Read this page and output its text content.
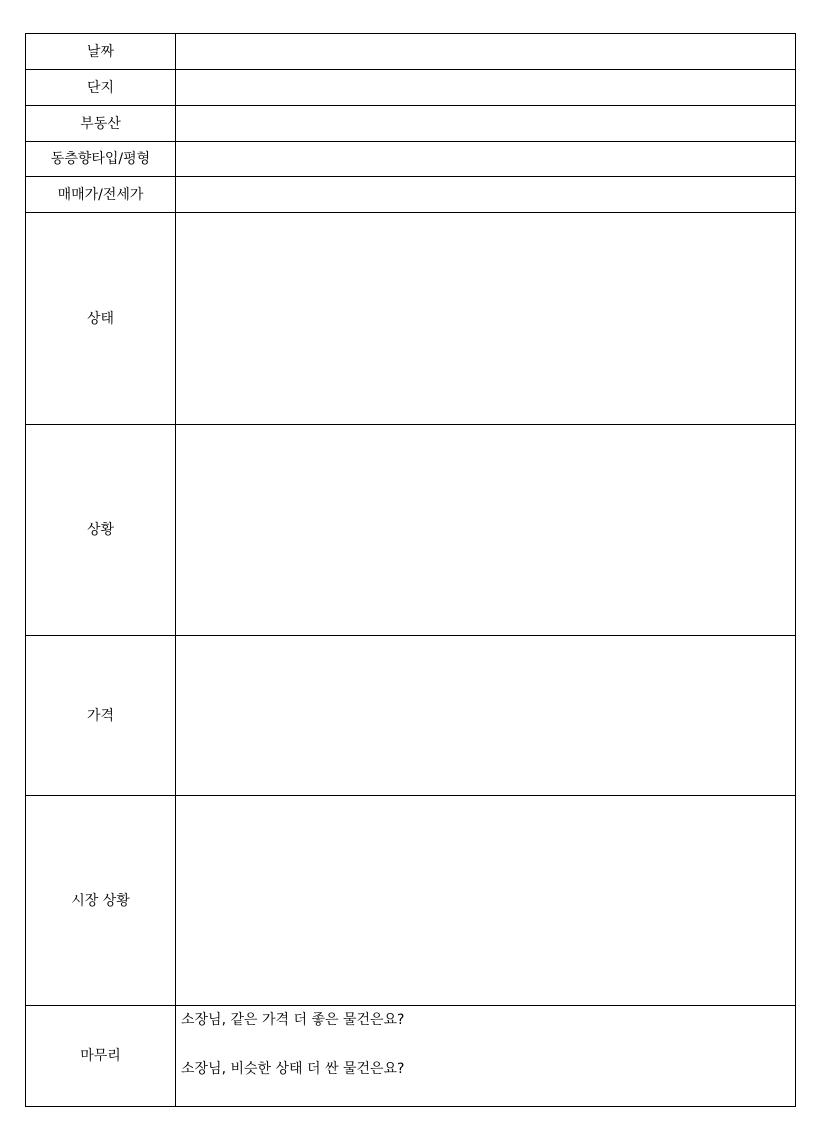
날짜	
단지	
부동산	
동층향타입/평형	
매매가/전세가	
상태	
상황	
가격	
시장 상황	
마무리	소장님, 같은 가격 더 좋은 물건은요?
소장님, 비슷한 상태 더 싼 물건은요?
